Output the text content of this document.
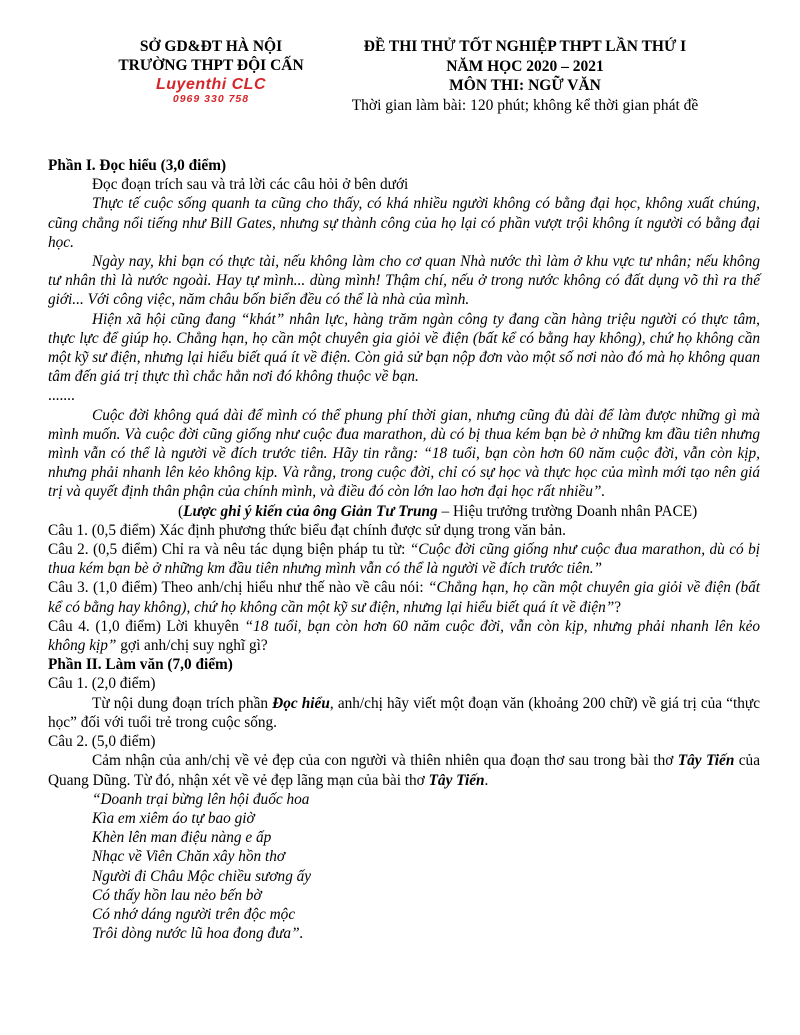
SỞ GD&ĐT HÀ NỘI
TRƯỜNG THPT ĐỘI CẤN
Luyenthi CLC
0969 330 758
ĐỀ THI THỬ TỐT NGHIỆP THPT LẦN THỨ I
NĂM HỌC 2020 – 2021
MÔN THI: NGỮ VĂN
Thời gian làm bài: 120 phút; không kể thời gian phát đề

Phần I. Đọc hiểu (3,0 điểm)

Đọc đoạn trích sau và trả lời các câu hỏi ở bên dưới

Thực tế cuộc sống quanh ta cũng cho thấy, có khá nhiều người không có bằng đại học, không xuất chúng, cũng chẳng nổi tiếng như Bill Gates, nhưng sự thành công của họ lại có phần vượt trội không ít người có bằng đại học.

Ngày nay, khi bạn có thực tài, nếu không làm cho cơ quan Nhà nước thì làm ở khu vực tư nhân; nếu không tư nhân thì là nước ngoài. Hay tự mình... dùng mình! Thậm chí, nếu ở trong nước không có đất dụng võ thì ra thế giới... Với công việc, năm châu bốn biển đều có thể là nhà của mình.

Hiện xã hội cũng đang “khát” nhân lực, hàng trăm ngàn công ty đang cần hàng triệu người có thực tâm, thực lực để giúp họ. Chẳng hạn, họ cần một chuyên gia giỏi về điện (bất kể có bằng hay không), chứ họ không cần một kỹ sư điện, nhưng lại hiểu biết quá ít về điện. Còn giả sử bạn nộp đơn vào một số nơi nào đó mà họ không quan tâm đến giá trị thực thì chắc hẳn nơi đó không thuộc về bạn.

.......

Cuộc đời không quá dài để mình có thể phung phí thời gian, nhưng cũng đủ dài để làm được những gì mà mình muốn. Và cuộc đời cũng giống như cuộc đua marathon, dù có bị thua kém bạn bè ở những km đầu tiên nhưng mình vẫn có thể là người về đích trước tiên. Hãy tin rằng: “18 tuổi, bạn còn hơn 60 năm cuộc đời, vẫn còn kịp, nhưng phải nhanh lên kẻo không kịp. Và rằng, trong cuộc đời, chỉ có sự học và thực học của mình mới tạo nên giá trị và quyết định thân phận của chính mình, và điều đó còn lớn lao hơn đại học rất nhiều”.

(Lược ghi ý kiến của ông Giản Tư Trung – Hiệu trưởng trường Doanh nhân PACE)

Câu 1. (0,5 điểm) Xác định phương thức biểu đạt chính được sử dụng trong văn bản.

Câu 2. (0,5 điểm) Chỉ ra và nêu tác dụng biện pháp tu từ: “Cuộc đời cũng giống như cuộc đua marathon, dù có bị thua kém bạn bè ở những km đầu tiên nhưng mình vẫn có thể là người về đích trước tiên.”

Câu 3. (1,0 điểm) Theo anh/chị hiểu như thế nào về câu nói: “Chẳng hạn, họ cần một chuyên gia giỏi về điện (bất kể có bằng hay không), chứ họ không cần một kỹ sư điện, nhưng lại hiểu biết quá ít về điện”?

Câu 4. (1,0 điểm) Lời khuyên “18 tuổi, bạn còn hơn 60 năm cuộc đời, vẫn còn kịp, nhưng phải nhanh lên kẻo không kịp” gợi anh/chị suy nghĩ gì?

Phần II. Làm văn (7,0 điểm)

Câu 1. (2,0 điểm)

Từ nội dung đoạn trích phần Đọc hiểu, anh/chị hãy viết một đoạn văn (khoảng 200 chữ) về giá trị của “thực học” đối với tuổi trẻ trong cuộc sống.

Câu 2. (5,0 điểm)

Cảm nhận của anh/chị về vẻ đẹp của con người và thiên nhiên qua đoạn thơ sau trong bài thơ Tây Tiến của Quang Dũng. Từ đó, nhận xét về vẻ đẹp lãng mạn của bài thơ Tây Tiến.

“Doanh trại bừng lên hội đuốc hoa
Kìa em xiêm áo tự bao giờ
Khèn lên man điệu nàng e ấp
Nhạc về Viên Chăn xây hồn thơ
Người đi Châu Mộc chiều sương ấy
Có thấy hồn lau nẻo bến bờ
Có nhớ dáng người trên độc mộc
Trôi dòng nước lũ hoa đong đưa”.
